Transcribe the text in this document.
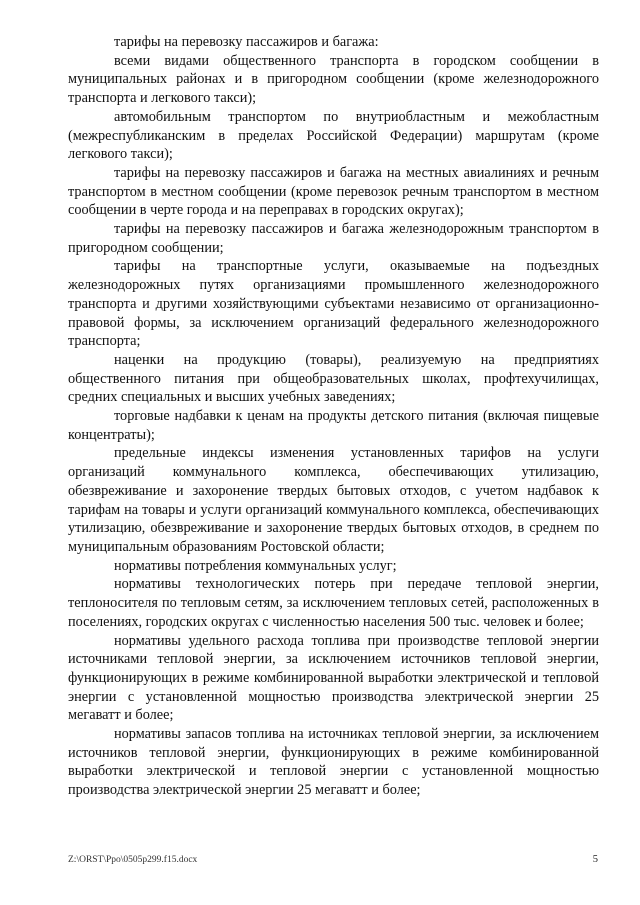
тарифы на перевозку пассажиров и багажа:

всеми видами общественного транспорта в городском сообщении в муниципальных районах и в пригородном сообщении (кроме железнодорожного транспорта и легкового такси);

автомобильным транспортом по внутриобластным и межобластным (межреспубликанским в пределах Российской Федерации) маршрутам (кроме легкового такси);

тарифы на перевозку пассажиров и багажа на местных авиалиниях и речным транспортом в местном сообщении (кроме перевозок речным транспортом в местном сообщении в черте города и на переправах в городских округах);

тарифы на перевозку пассажиров и багажа железнодорожным транспортом в пригородном сообщении;

тарифы на транспортные услуги, оказываемые на подъездных железнодорожных путях организациями промышленного железнодорожного транспорта и другими хозяйствующими субъектами независимо от организационно-правовой формы, за исключением организаций федерального железнодорожного транспорта;

наценки на продукцию (товары), реализуемую на предприятиях общественного питания при общеобразовательных школах, профтехучилищах, средних специальных и высших учебных заведениях;

торговые надбавки к ценам на продукты детского питания (включая пищевые концентраты);

предельные индексы изменения установленных тарифов на услуги организаций коммунального комплекса, обеспечивающих утилизацию, обезвреживание и захоронение твердых бытовых отходов, с учетом надбавок к тарифам на товары и услуги организаций коммунального комплекса, обеспечивающих утилизацию, обезвреживание и захоронение твердых бытовых отходов, в среднем по муниципальным образованиям Ростовской области;

нормативы потребления коммунальных услуг;

нормативы технологических потерь при передаче тепловой энергии, теплоносителя по тепловым сетям, за исключением тепловых сетей, расположенных в поселениях, городских округах с численностью населения 500 тыс. человек и более;

нормативы удельного расхода топлива при производстве тепловой энергии источниками тепловой энергии, за исключением источников тепловой энергии, функционирующих в режиме комбинированной выработки электрической и тепловой энергии с установленной мощностью производства электрической энергии 25 мегаватт и более;

нормативы запасов топлива на источниках тепловой энергии, за исключением источников тепловой энергии, функционирующих в режиме комбинированной выработки электрической и тепловой энергии с установленной мощностью производства электрической энергии 25 мегаватт и более;

Z:\ORST\Ppo\0505p299.f15.docx	5
